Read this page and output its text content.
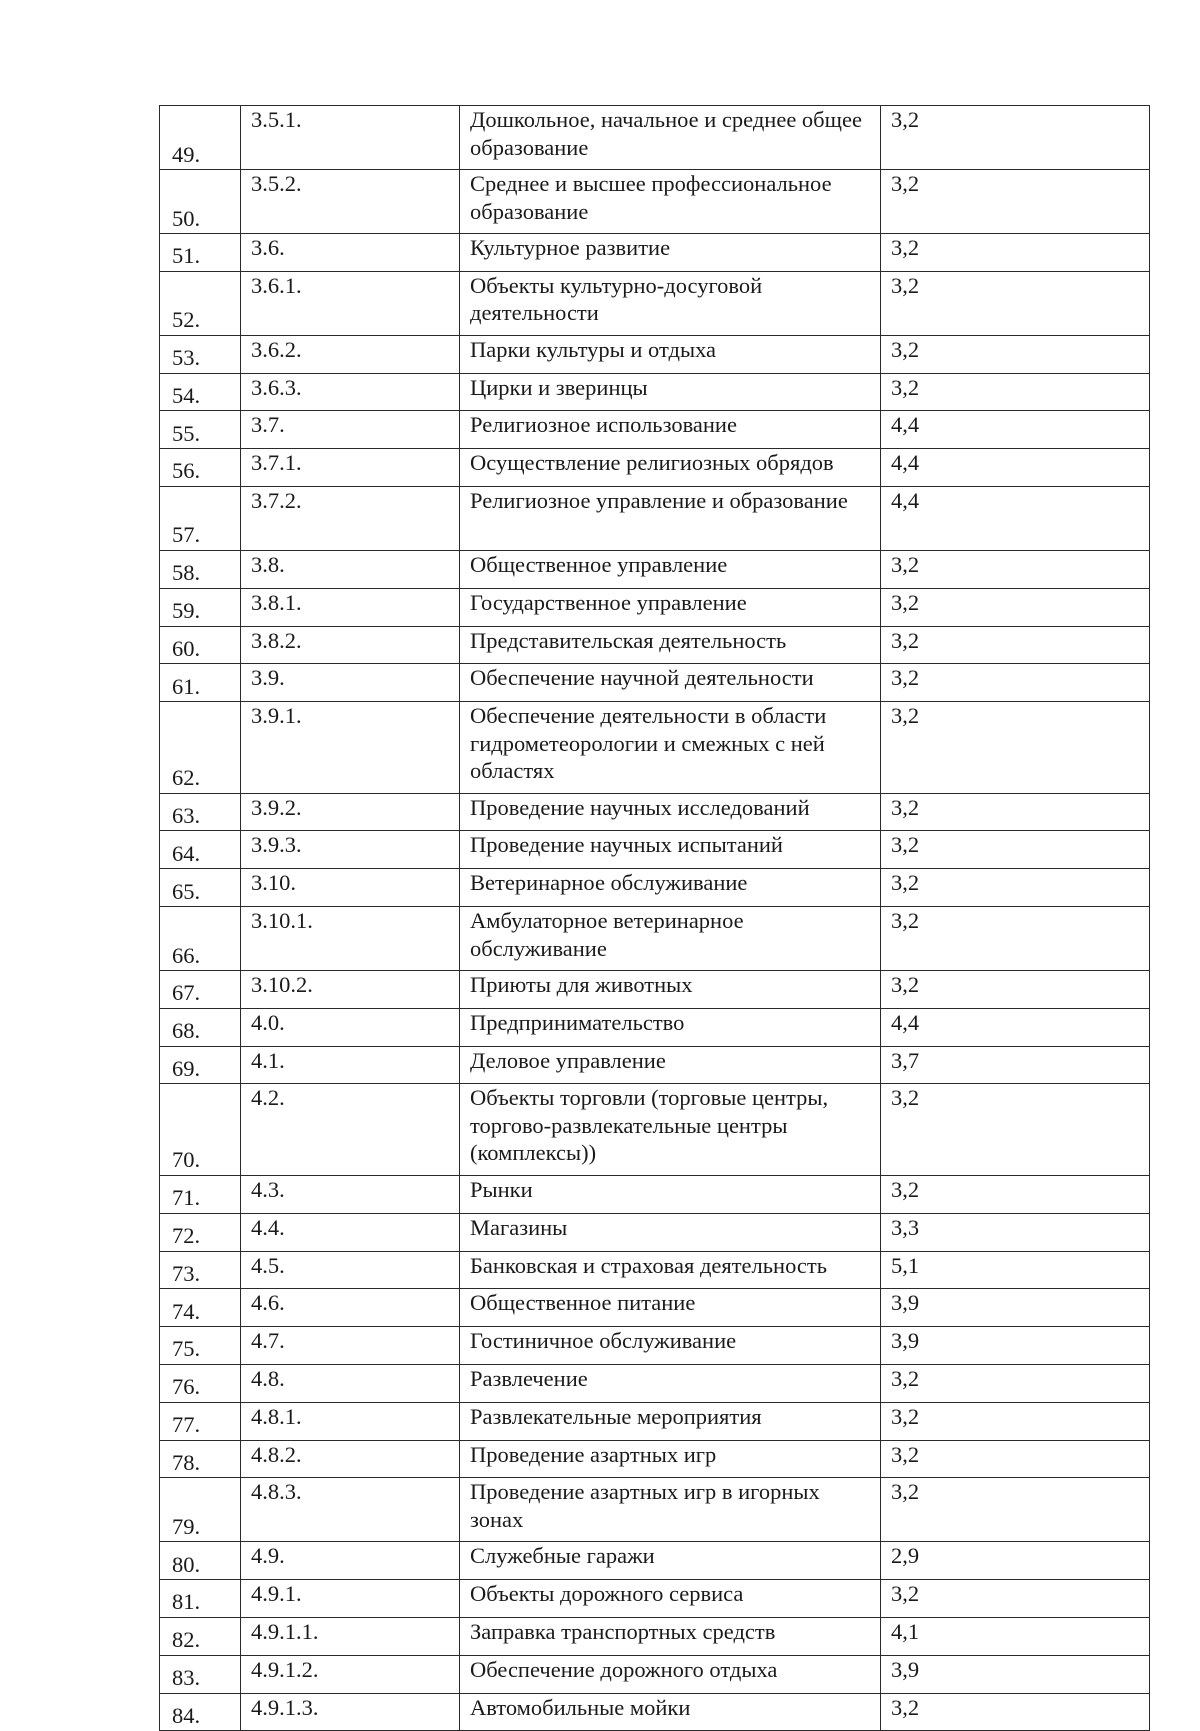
49.	3.5.1.	Дошкольное, начальное и среднее общее образование	3,2
50.	3.5.2.	Среднее и высшее профессиональное образование	3,2
51.	3.6.	Культурное развитие	3,2
52.	3.6.1.	Объекты культурно-досуговой деятельности	3,2
53.	3.6.2.	Парки культуры и отдыха	3,2
54.	3.6.3.	Цирки и зверинцы	3,2
55.	3.7.	Религиозное использование	4,4
56.	3.7.1.	Осуществление религиозных обрядов	4,4
57.	3.7.2.	Религиозное управление и образование	4,4
58.	3.8.	Общественное управление	3,2
59.	3.8.1.	Государственное управление	3,2
60.	3.8.2.	Представительская деятельность	3,2
61.	3.9.	Обеспечение научной деятельности	3,2
62.	3.9.1.	Обеспечение деятельности в области гидрометеорологии и смежных с ней областях	3,2
63.	3.9.2.	Проведение научных исследований	3,2
64.	3.9.3.	Проведение научных испытаний	3,2
65.	3.10.	Ветеринарное обслуживание	3,2
66.	3.10.1.	Амбулаторное ветеринарное обслуживание	3,2
67.	3.10.2.	Приюты для животных	3,2
68.	4.0.	Предпринимательство	4,4
69.	4.1.	Деловое управление	3,7
70.	4.2.	Объекты торговли (торговые центры, торгово-развлекательные центры (комплексы))	3,2
71.	4.3.	Рынки	3,2
72.	4.4.	Магазины	3,3
73.	4.5.	Банковская и страховая деятельность	5,1
74.	4.6.	Общественное питание	3,9
75.	4.7.	Гостиничное обслуживание	3,9
76.	4.8.	Развлечение	3,2
77.	4.8.1.	Развлекательные мероприятия	3,2
78.	4.8.2.	Проведение азартных игр	3,2
79.	4.8.3.	Проведение азартных игр в игорных зонах	3,2
80.	4.9.	Служебные гаражи	2,9
81.	4.9.1.	Объекты дорожного сервиса	3,2
82.	4.9.1.1.	Заправка транспортных средств	4,1
83.	4.9.1.2.	Обеспечение дорожного отдыха	3,9
84.	4.9.1.3.	Автомобильные мойки	3,2
